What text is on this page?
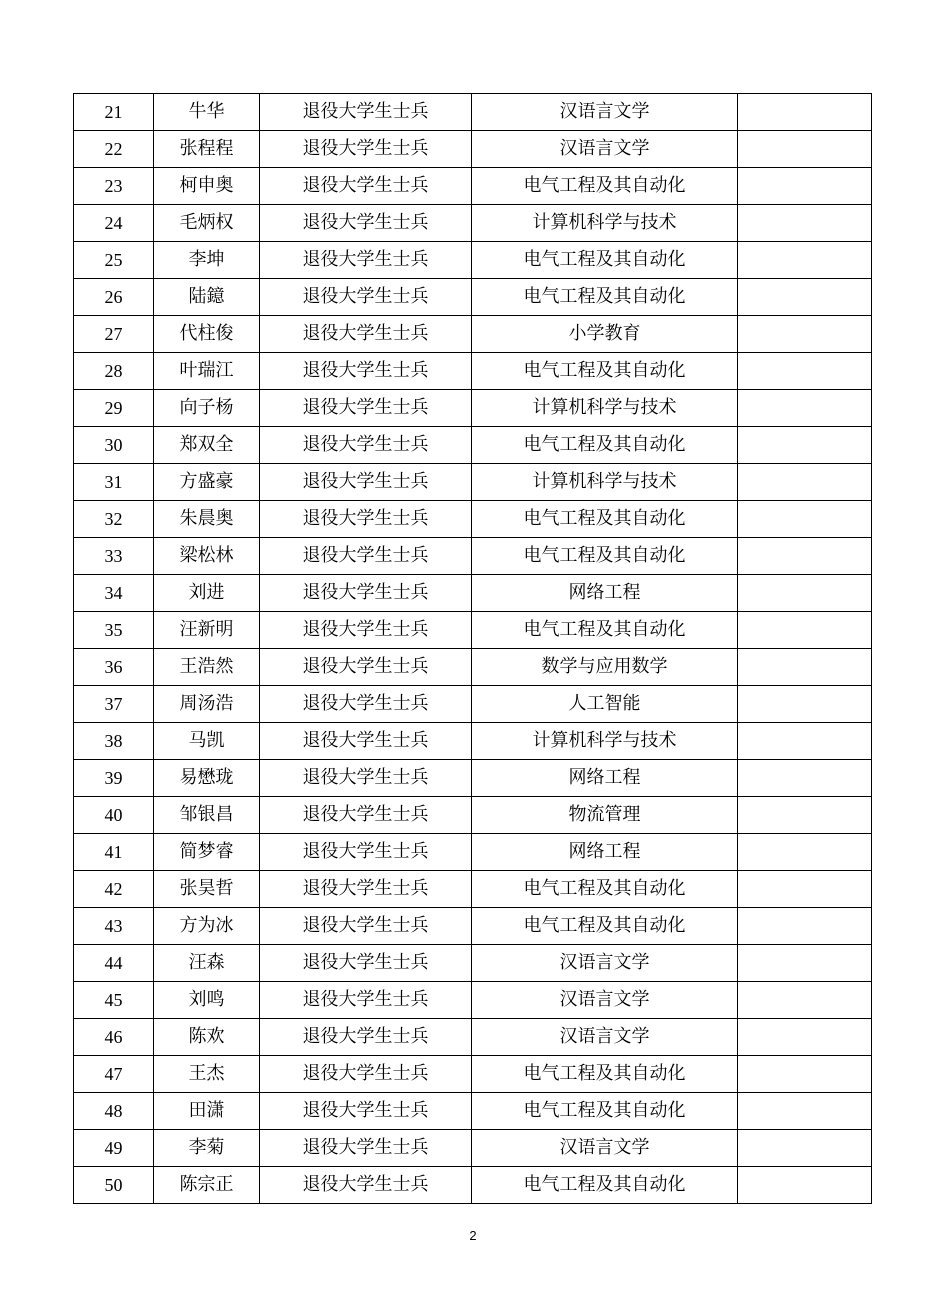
21	牛华	退役大学生士兵	汉语言文学	
22	张程程	退役大学生士兵	汉语言文学	
23	柯申奥	退役大学生士兵	电气工程及其自动化	
24	毛炳权	退役大学生士兵	计算机科学与技术	
25	李坤	退役大学生士兵	电气工程及其自动化	
26	陆鐿	退役大学生士兵	电气工程及其自动化	
27	代柱俊	退役大学生士兵	小学教育	
28	叶瑞江	退役大学生士兵	电气工程及其自动化	
29	向子杨	退役大学生士兵	计算机科学与技术	
30	郑双全	退役大学生士兵	电气工程及其自动化	
31	方盛豪	退役大学生士兵	计算机科学与技术	
32	朱晨奥	退役大学生士兵	电气工程及其自动化	
33	梁松林	退役大学生士兵	电气工程及其自动化	
34	刘进	退役大学生士兵	网络工程	
35	汪新明	退役大学生士兵	电气工程及其自动化	
36	王浩然	退役大学生士兵	数学与应用数学	
37	周汤浩	退役大学生士兵	人工智能	
38	马凯	退役大学生士兵	计算机科学与技术	
39	易懋珑	退役大学生士兵	网络工程	
40	邹银昌	退役大学生士兵	物流管理	
41	简梦睿	退役大学生士兵	网络工程	
42	张昊哲	退役大学生士兵	电气工程及其自动化	
43	方为冰	退役大学生士兵	电气工程及其自动化	
44	汪森	退役大学生士兵	汉语言文学	
45	刘鸣	退役大学生士兵	汉语言文学	
46	陈欢	退役大学生士兵	汉语言文学	
47	王杰	退役大学生士兵	电气工程及其自动化	
48	田潇	退役大学生士兵	电气工程及其自动化	
49	李菊	退役大学生士兵	汉语言文学	
50	陈宗正	退役大学生士兵	电气工程及其自动化	
2
